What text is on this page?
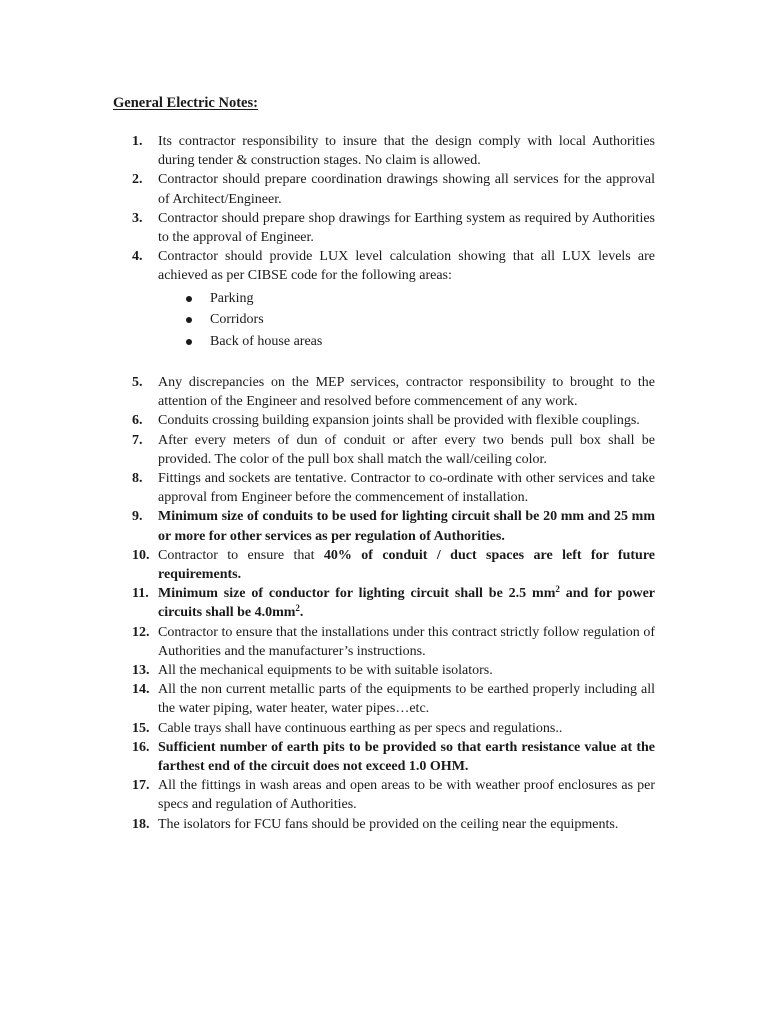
General Electric Notes:
1. Its contractor responsibility to insure that the design comply with local Authorities during tender & construction stages. No claim is allowed.
2. Contractor should prepare coordination drawings showing all services for the approval of Architect/Engineer.
3. Contractor should prepare shop drawings for Earthing system as required by Authorities to the approval of Engineer.
4. Contractor should provide LUX level calculation showing that all LUX levels are achieved as per CIBSE code for the following areas:
Parking
Corridors
Back of house areas
5. Any discrepancies on the MEP services, contractor responsibility to brought to the attention of the Engineer and resolved before commencement of any work.
6. Conduits crossing building expansion joints shall be provided with flexible couplings.
7. After every meters of dun of conduit or after every two bends pull box shall be provided. The color of the pull box shall match the wall/ceiling color.
8. Fittings and sockets are tentative. Contractor to co-ordinate with other services and take approval from Engineer before the commencement of installation.
9. Minimum size of conduits to be used for lighting circuit shall be 20 mm and 25 mm or more for other services as per regulation of Authorities.
10. Contractor to ensure that 40% of conduit / duct spaces are left for future requirements.
11. Minimum size of conductor for lighting circuit shall be 2.5 $mm^2$ and for power circuits shall be $4.0mm^2$.
12. Contractor to ensure that the installations under this contract strictly follow regulation of Authorities and the manufacturer’s instructions.
13. All the mechanical equipments to be with suitable isolators.
14. All the non current metallic parts of the equipments to be earthed properly including all the water piping, water heater, water pipes…etc.
15. Cable trays shall have continuous earthing as per specs and regulations..
16. Sufficient number of earth pits to be provided so that earth resistance value at the farthest end of the circuit does not exceed 1.0 OHM.
17. All the fittings in wash areas and open areas to be with weather proof enclosures as per specs and regulation of Authorities.
18. The isolators for FCU fans should be provided on the ceiling near the equipments.
